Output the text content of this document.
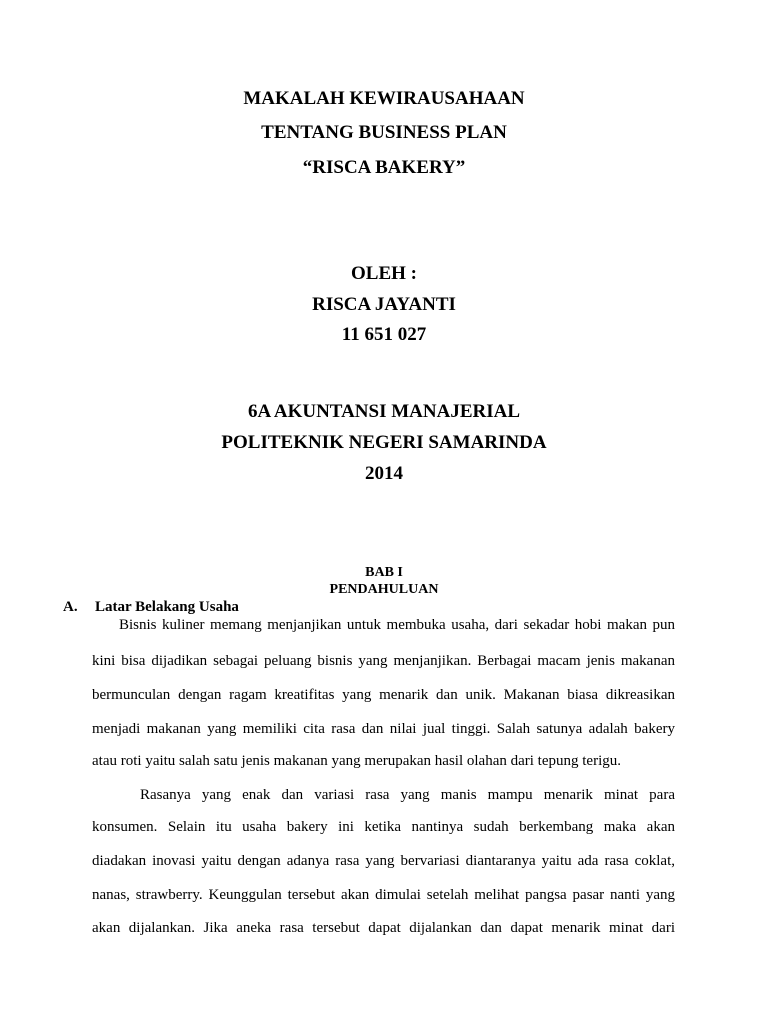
MAKALAH KEWIRAUSAHAAN
TENTANG BUSINESS PLAN
“RISCA BAKERY”
OLEH :
RISCA JAYANTI
11 651 027
6A AKUNTANSI MANAJERIAL
POLITEKNIK NEGERI SAMARINDA
2014
BAB I
PENDAHULUAN
A. Latar Belakang Usaha
Bisnis kuliner memang menjanjikan untuk membuka usaha, dari sekadar hobi makan pun
kini bisa dijadikan sebagai peluang bisnis yang menjanjikan. Berbagai macam jenis makanan
bermunculan dengan ragam kreatifitas yang menarik dan unik. Makanan biasa dikreasikan
menjadi makanan yang memiliki cita rasa dan nilai jual tinggi. Salah satunya adalah bakery
atau roti yaitu salah satu jenis makanan yang merupakan hasil olahan dari tepung terigu.
Rasanya yang enak dan variasi rasa yang manis mampu menarik minat para
konsumen. Selain itu usaha bakery ini ketika nantinya sudah berkembang maka akan
diadakan inovasi yaitu dengan adanya rasa yang bervariasi diantaranya yaitu ada rasa coklat,
nanas, strawberry. Keunggulan tersebut akan dimulai setelah melihat pangsa pasar nanti yang
akan dijalankan. Jika aneka rasa tersebut dapat dijalankan dan dapat menarik minat dari
